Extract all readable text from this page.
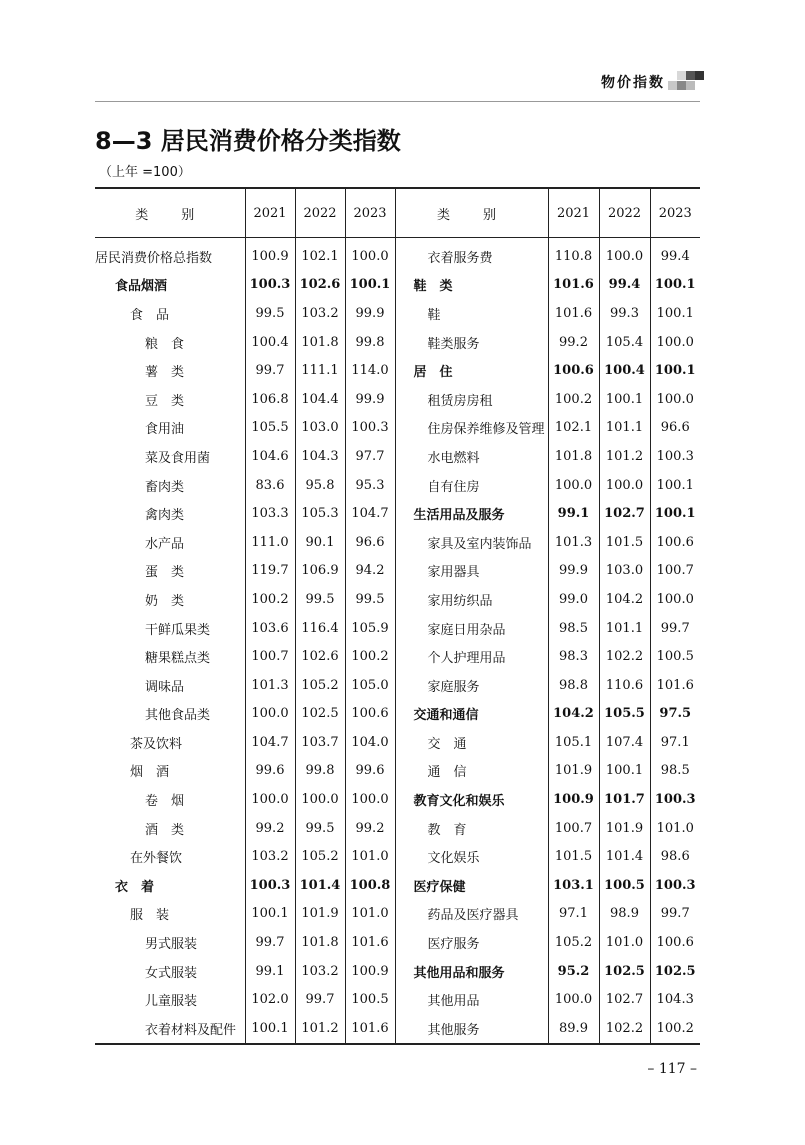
物价指数
8—3 居民消费价格分类指数
（上年 =100）
类　别	2021	2022	2023	类　别	2021	2022	2023
居民消费价格总指数	100.9	102.1	100.0	衣着服务费	110.8	100.0	99.4
食品烟酒	100.3	102.6	100.1	鞋　类	101.6	99.4	100.1
食　品	99.5	103.2	99.9	鞋	101.6	99.3	100.1
粮　食	100.4	101.8	99.8	鞋类服务	99.2	105.4	100.0
薯　类	99.7	111.1	114.0	居　住	100.6	100.4	100.1
豆　类	106.8	104.4	99.9	租赁房房租	100.2	100.1	100.0
食用油	105.5	103.0	100.3	住房保养维修及管理	102.1	101.1	96.6
菜及食用菌	104.6	104.3	97.7	水电燃料	101.8	101.2	100.3
畜肉类	83.6	95.8	95.3	自有住房	100.0	100.0	100.1
禽肉类	103.3	105.3	104.7	生活用品及服务	99.1	102.7	100.1
水产品	111.0	90.1	96.6	家具及室内装饰品	101.3	101.5	100.6
蛋　类	119.7	106.9	94.2	家用器具	99.9	103.0	100.7
奶　类	100.2	99.5	99.5	家用纺织品	99.0	104.2	100.0
干鲜瓜果类	103.6	116.4	105.9	家庭日用杂品	98.5	101.1	99.7
糖果糕点类	100.7	102.6	100.2	个人护理用品	98.3	102.2	100.5
调味品	101.3	105.2	105.0	家庭服务	98.8	110.6	101.6
其他食品类	100.0	102.5	100.6	交通和通信	104.2	105.5	97.5
茶及饮料	104.7	103.7	104.0	交　通	105.1	107.4	97.1
烟　酒	99.6	99.8	99.6	通　信	101.9	100.1	98.5
卷　烟	100.0	100.0	100.0	教育文化和娱乐	100.9	101.7	100.3
酒　类	99.2	99.5	99.2	教　育	100.7	101.9	101.0
在外餐饮	103.2	105.2	101.0	文化娱乐	101.5	101.4	98.6
衣　着	100.3	101.4	100.8	医疗保健	103.1	100.5	100.3
服　装	100.1	101.9	101.0	药品及医疗器具	97.1	98.9	99.7
男式服装	99.7	101.8	101.6	医疗服务	105.2	101.0	100.6
女式服装	99.1	103.2	100.9	其他用品和服务	95.2	102.5	102.5
儿童服装	102.0	99.7	100.5	其他用品	100.0	102.7	104.3
衣着材料及配件	100.1	101.2	101.6	其他服务	89.9	102.2	100.2
– 117 –
